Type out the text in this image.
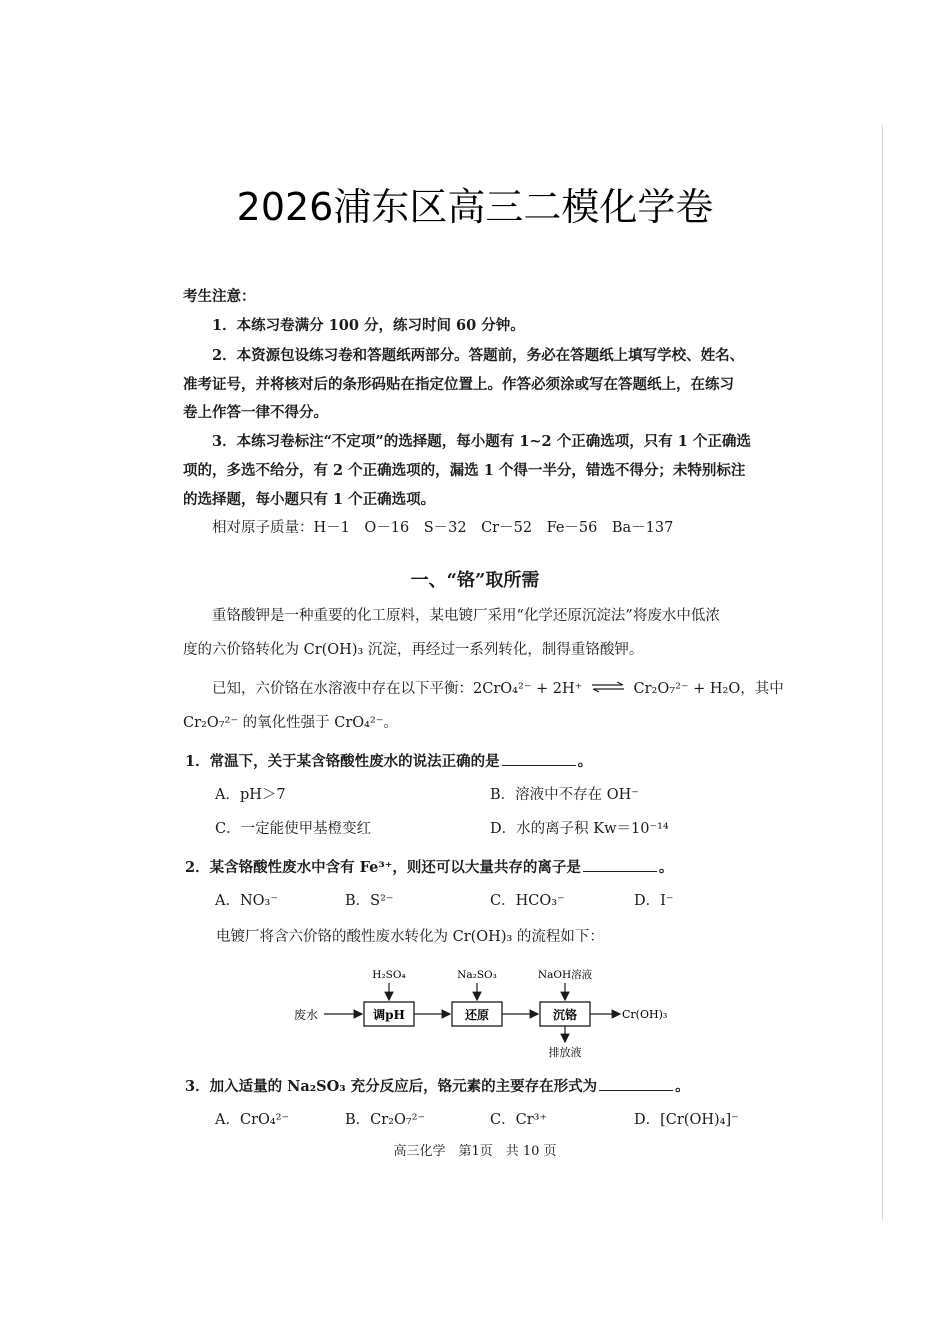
2026浦东区高三二模化学卷
考生注意：
1．本练习卷满分 100 分，练习时间 60 分钟。
2．本资源包设练习卷和答题纸两部分。答题前，务必在答题纸上填写学校、姓名、
准考证号，并将核对后的条形码贴在指定位置上。作答必须涂或写在答题纸上，在练习
卷上作答一律不得分。
3．本练习卷标注“不定项”的选择题，每小题有 1~2 个正确选项，只有 1 个正确选
项的，多选不给分，有 2 个正确选项的，漏选 1 个得一半分，错选不得分；未特别标注
的选择题，每小题只有 1 个正确选项。
相对原子质量：H－1　O－16　S－32　Cr－52　Fe－56　Ba－137
一、“铬”取所需
重铬酸钾是一种重要的化工原料，某电镀厂采用“化学还原沉淀法”将废水中低浓
度的六价铬转化为 Cr(OH)₃ 沉淀，再经过一系列转化，制得重铬酸钾。
已知，六价铬在水溶液中存在以下平衡：2CrO₄²⁻ + 2H⁺ ⇌ Cr₂O₇²⁻ + H₂O，其中
Cr₂O₇²⁻ 的氧化性强于 CrO₄²⁻。
1．常温下，关于某含铬酸性废水的说法正确的是	。
A．pH＞7	B．溶液中不存在 OH⁻
C．一定能使甲基橙变红	D．水的离子积 Kw＝10⁻¹⁴
2．某含铬酸性废水中含有 Fe³⁺，则还可以大量共存的离子是	。
A．NO₃⁻	B．S²⁻	C．HCO₃⁻	D．I⁻
电镀厂将含六价铬的酸性废水转化为 Cr(OH)₃ 的流程如下：
废水	调pH	还原	沉铬	Cr(OH)₃
H₂SO₄	Na₂SO₃	NaOH溶液
排放液
3．加入适量的 Na₂SO₃ 充分反应后，铬元素的主要存在形式为	。
A．CrO₄²⁻	B．Cr₂O₇²⁻	C．Cr³⁺	D．[Cr(OH)₄]⁻
高三化学　第1页　共 10 页
